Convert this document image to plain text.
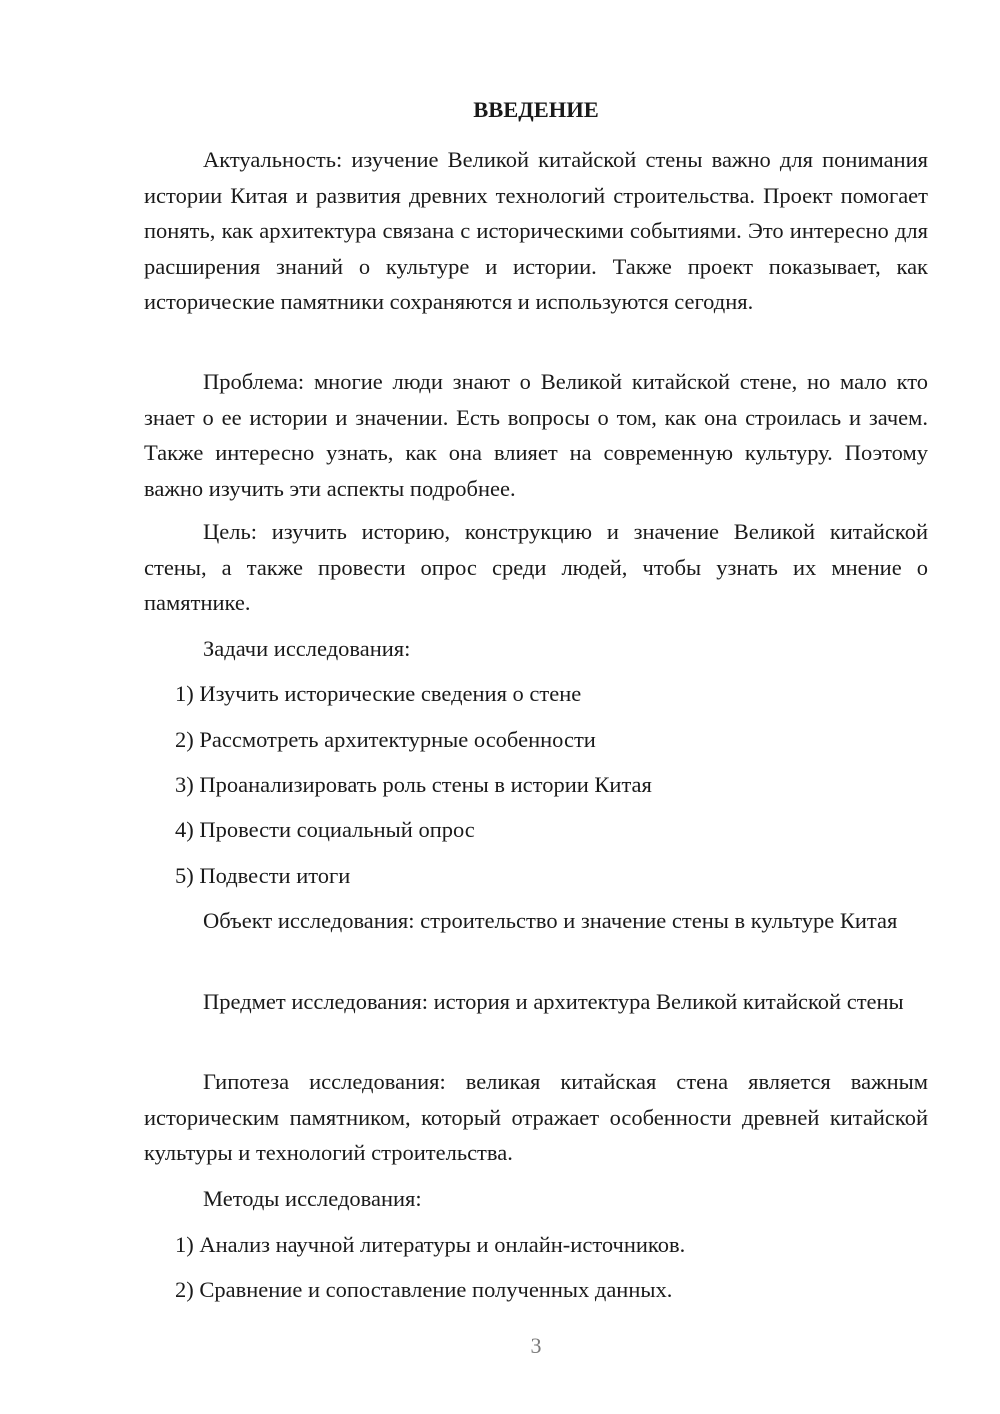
ВВЕДЕНИЕ

Актуальность: изучение Великой китайской стены важно для понимания истории Китая и развития древних технологий строительства. Проект помогает понять, как архитектура связана с историческими событиями. Это интересно для расширения знаний о культуре и истории. Также проект показывает, как исторические памятники сохраняются и используются сегодня.

Проблема: многие люди знают о Великой китайской стене, но мало кто знает о ее истории и значении. Есть вопросы о том, как она строилась и зачем. Также интересно узнать, как она влияет на современную культуру. Поэтому важно изучить эти аспекты подробнее.

Цель: изучить историю, конструкцию и значение Великой китайской стены, а также провести опрос среди людей, чтобы узнать их мнение о памятнике.

Задачи исследования:

1) Изучить исторические сведения о стене
2) Рассмотреть архитектурные особенности
3) Проанализировать роль стены в истории Китая
4) Провести социальный опрос
5) Подвести итоги

Объект исследования: строительство и значение стены в культуре Китая

Предмет исследования: история и архитектура Великой китайской стены

Гипотеза исследования: великая китайская стена является важным историческим памятником, который отражает особенности древней китайской культуры и технологий строительства.

Методы исследования:

1) Анализ научной литературы и онлайн-источников.
2) Сравнение и сопоставление полученных данных.
3
